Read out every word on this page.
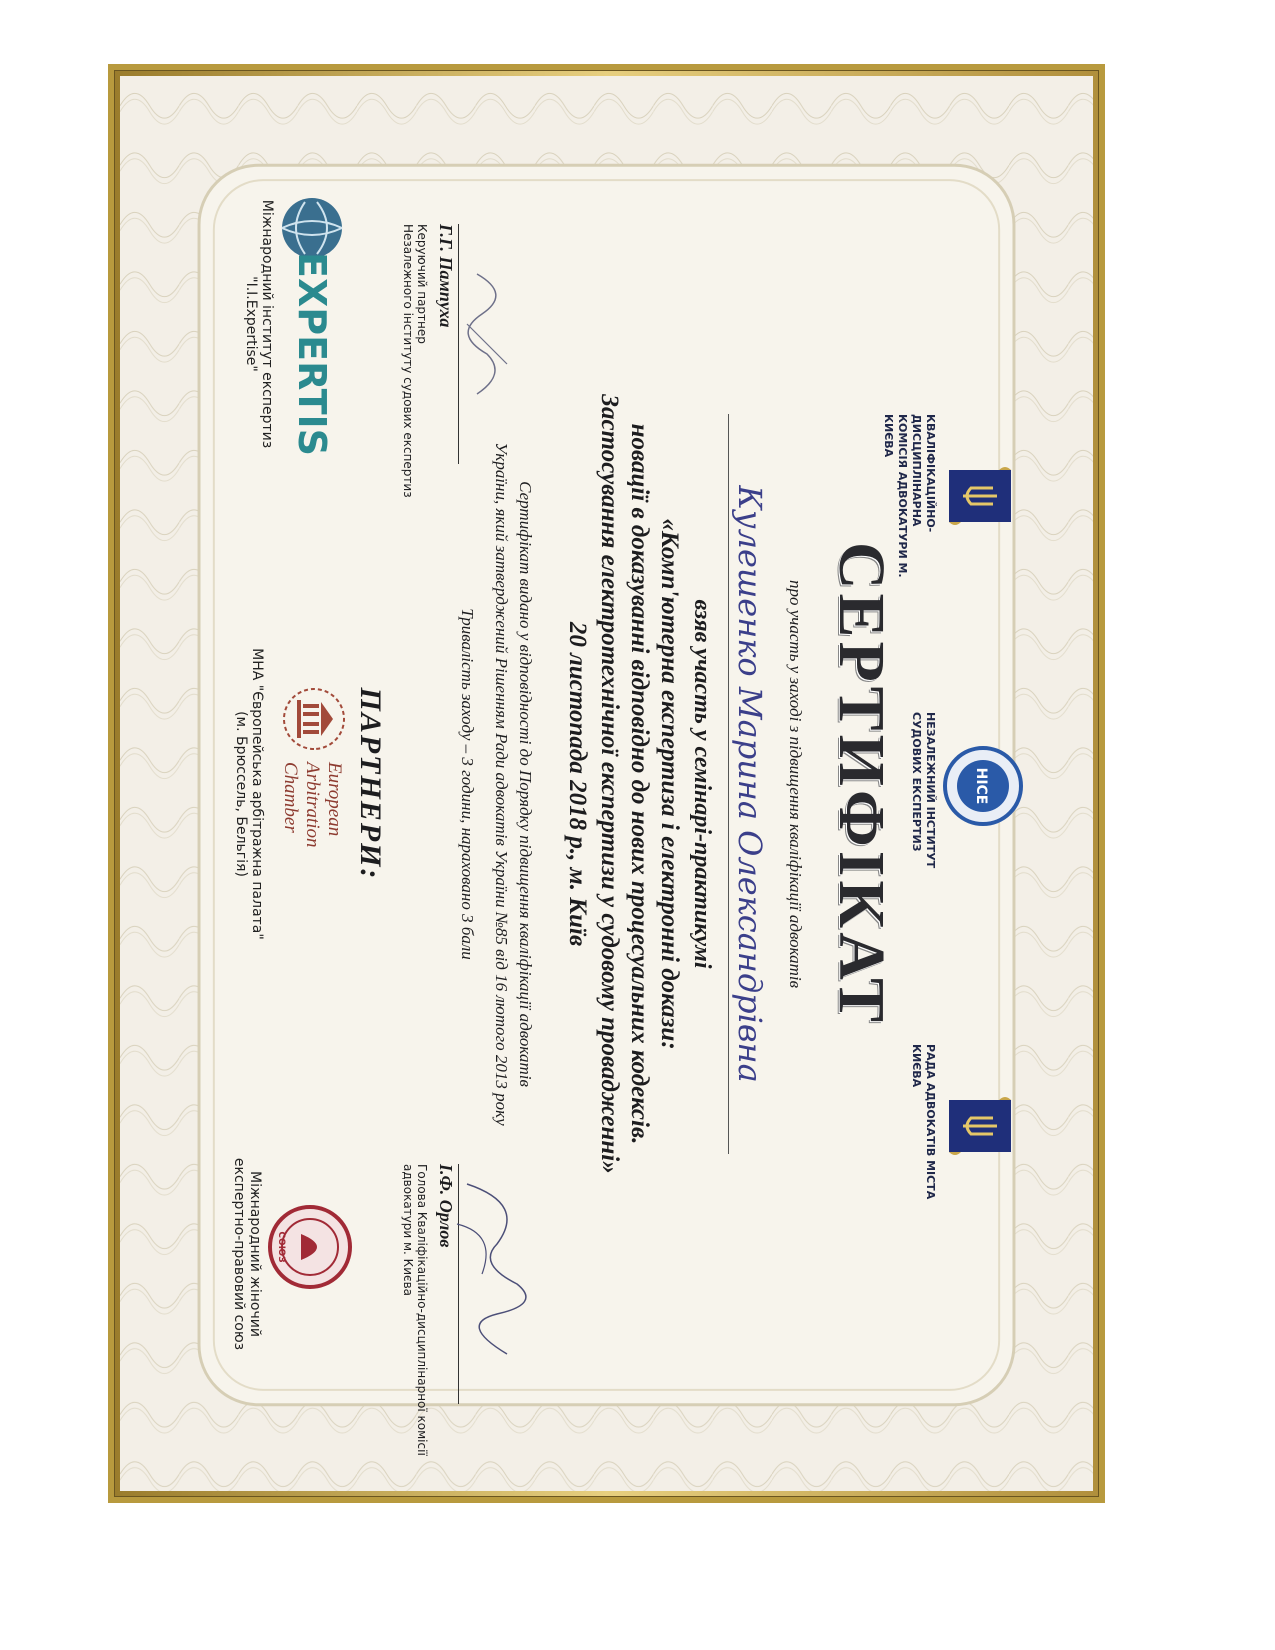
КВАЛІФІКАЦІЙНО-ДИСЦИПЛІНАРНА
КОМІСІЯ АДВОКАТУРИ М. КИЄВА
НІСЕ
НЕЗАЛЕЖНИЙ ІНСТИТУТ
СУДОВИХ ЕКСПЕРТИЗ
РАДА АДВОКАТІВ МІСТА КИЄВА
СЕРТИФІКАТ
про участь у заході з підвищення кваліфікації адвокатів
Кулешенко Марина Олександрівна
взяв участь у семінарі-практикумі
«Комп'ютерна експертиза і електронні докази:
новації в доказуванні відповідно до нових процесуальних кодексів.
Застосування електротехнічної експертизи у судовому провадженні»
20 листопада 2018 р., м. Київ
Сертифікат видано у відповідності до Порядку підвищення кваліфікації адвокатів
України, який затверджений Рішенням Ради адвокатів України №85 від 16 лютого 2013 року
Тривалість заходу – 3 години, нараховано 3 бали
Г.Г. Пампуха
Керуючий партнер
Незалежного інституту судових експертиз
І.Ф. Орлов
Голова Кваліфікаційно-дисциплінарної комісії
адвокатури м. Києва
ПАРТНЕРИ:
EXPERTISE
Міжнародний інститут експертиз
"I.I.Expertise"
European
Arbitration
Chamber
МНА "Європейська арбітражна палата"
(м. Брюссель, Бельгія)
СОЮЗ
Міжнародний жіночий
експертно-правовий союз
